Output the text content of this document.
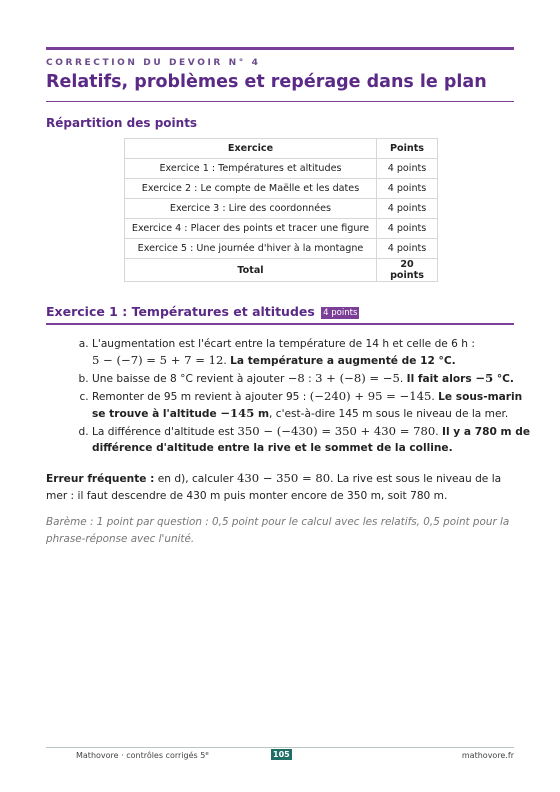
CORRECTION DU DEVOIR N° 4
Relatifs, problèmes et repérage dans le plan
Répartition des points
Exercice	Points
Exercice 1 : Températures et altitudes	4 points
Exercice 2 : Le compte de Maëlle et les dates	4 points
Exercice 3 : Lire des coordonnées	4 points
Exercice 4 : Placer des points et tracer une figure	4 points
Exercice 5 : Une journée d'hiver à la montagne	4 points
Total	20 points
Exercice 1 : Températures et altitudes 4 points
a. L'augmentation est l'écart entre la température de 14 h et celle de 6 h :
5 − (−7) = 5 + 7 = 12. La température a augmenté de 12 °C.
b. Une baisse de 8 °C revient à ajouter −8 : 3 + (−8) = −5. Il fait alors −5 °C.
c. Remonter de 95 m revient à ajouter 95 : (−240) + 95 = −145. Le sous-marin se trouve à l'altitude −145 m, c'est-à-dire 145 m sous le niveau de la mer.
d. La différence d'altitude est 350 − (−430) = 350 + 430 = 780. Il y a 780 m de différence d'altitude entre la rive et le sommet de la colline.
Erreur fréquente : en d), calculer 430 − 350 = 80. La rive est sous le niveau de la mer : il faut descendre de 430 m puis monter encore de 350 m, soit 780 m.
Barème : 1 point par question : 0,5 point pour le calcul avec les relatifs, 0,5 point pour la phrase-réponse avec l'unité.
Mathovore · contrôles corrigés 5e	105	mathovore.fr
